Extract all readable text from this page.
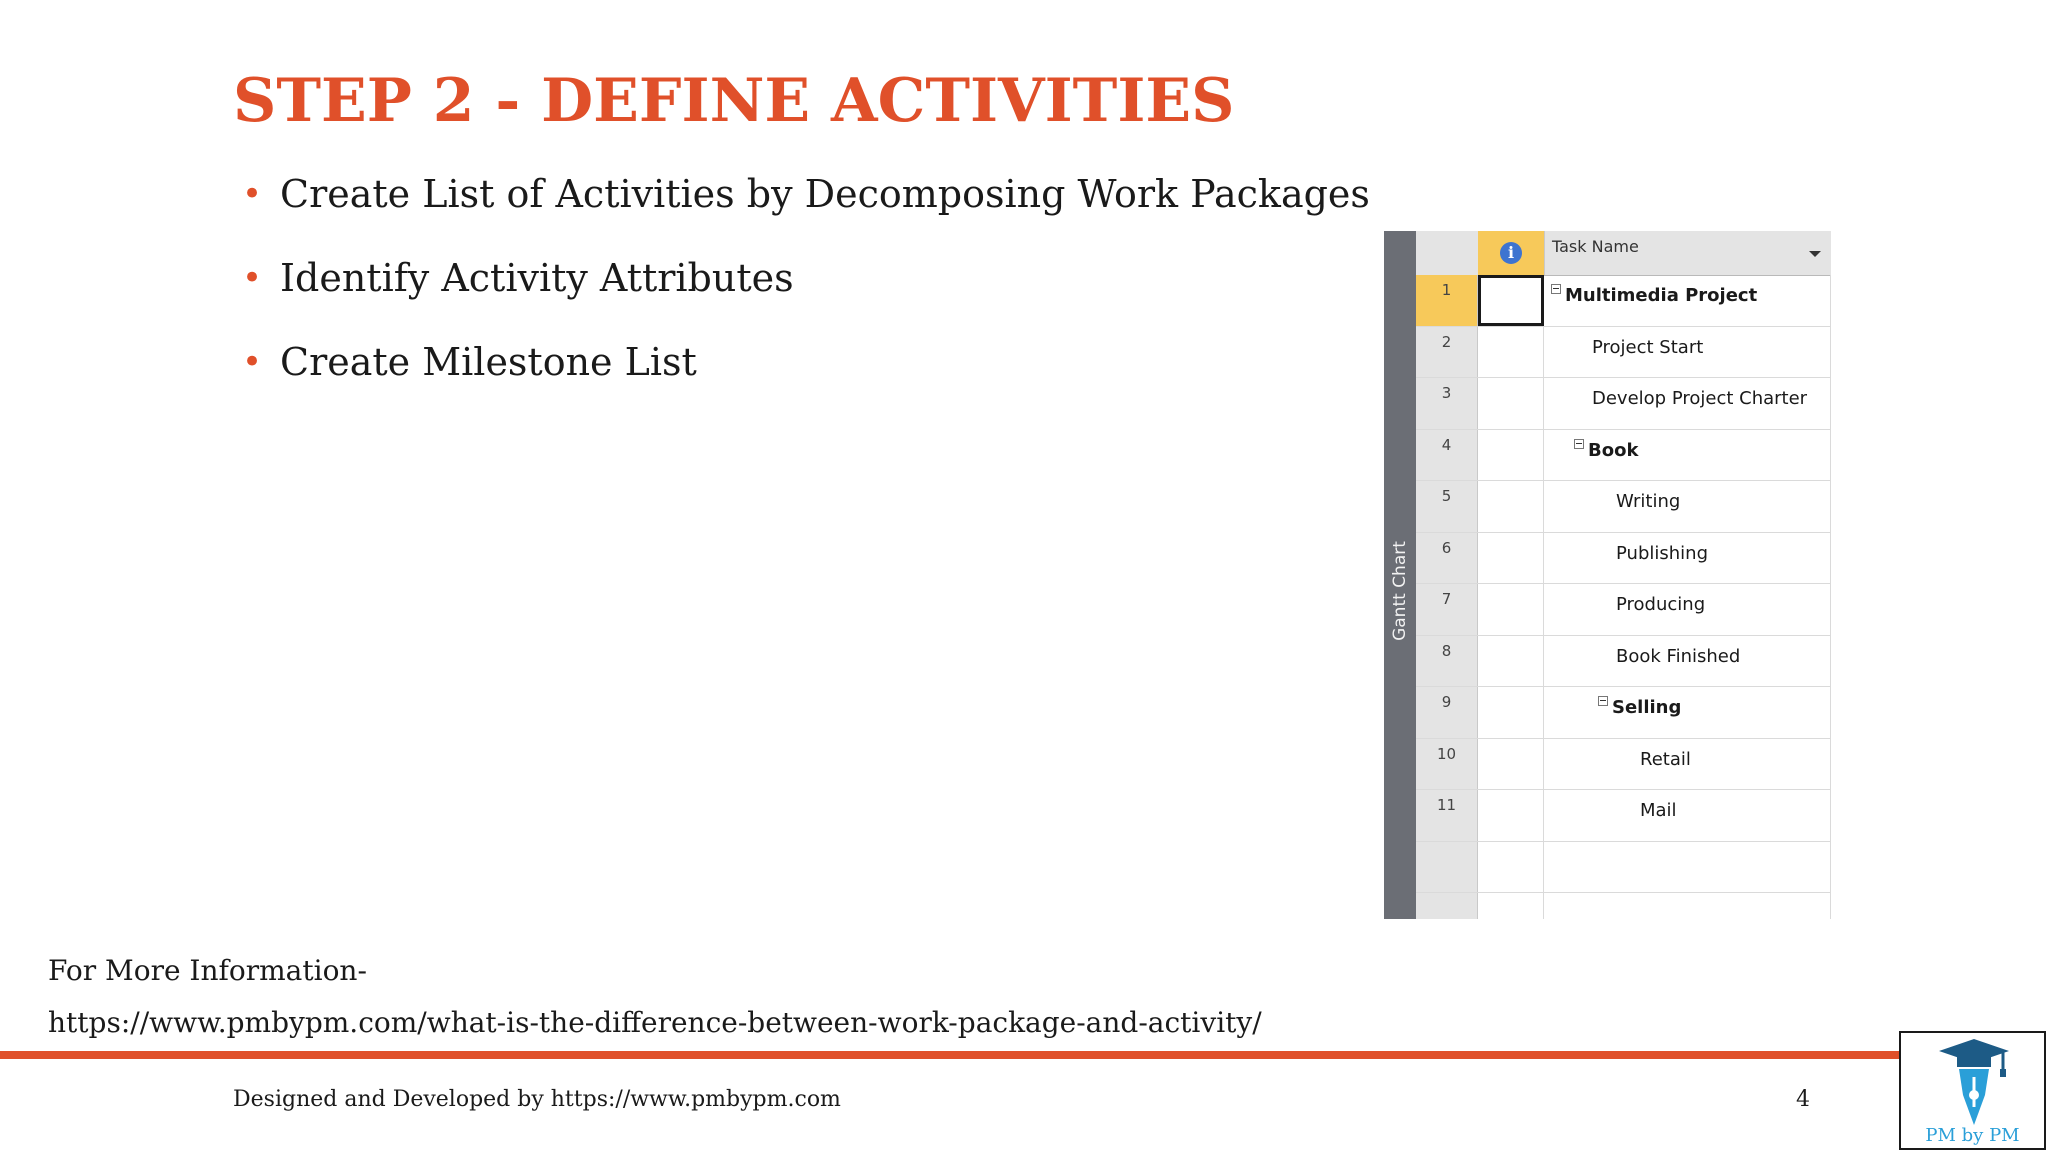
STEP 2 - DEFINE ACTIVITIES
• Create List of Activities by Decomposing Work Packages
• Identify Activity Attributes
• Create Milestone List
Gantt Chart
i	Task Name
1	Multimedia Project
2	Project Start
3	Develop Project Charter
4	Book
5	Writing
6	Publishing
7	Producing
8	Book Finished
9	Selling
10	Retail
11	Mail
For More Information-
https://www.pmbypm.com/what-is-the-difference-between-work-package-and-activity/
Designed and Developed by https://www.pmbypm.com	4
PM by PM
